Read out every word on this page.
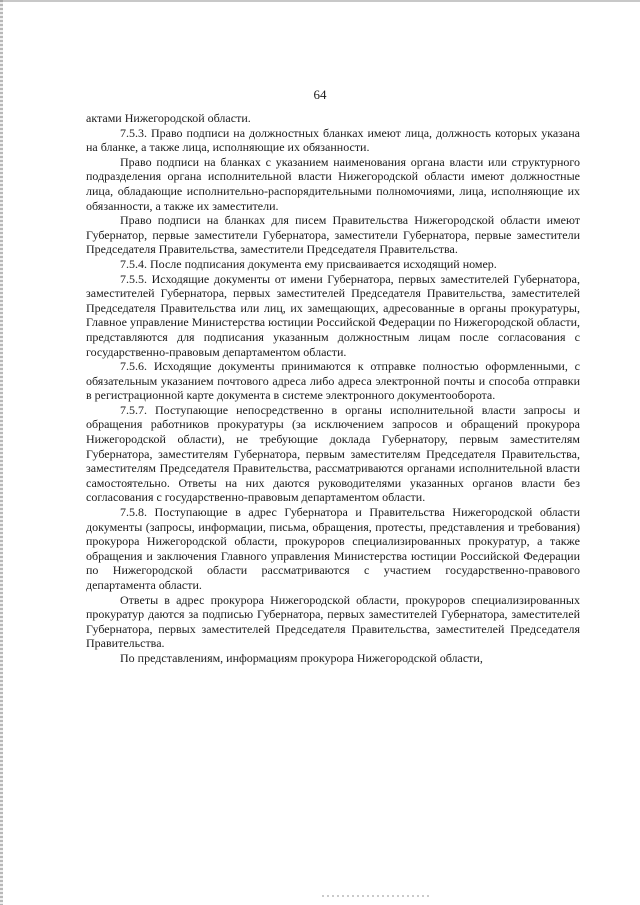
64

актами Нижегородской области.

7.5.3. Право подписи на должностных бланках имеют лица, должность которых указана на бланке, а также лица, исполняющие их обязанности.

Право подписи на бланках с указанием наименования органа власти или структурного подразделения органа исполнительной власти Нижегородской области имеют должностные лица, обладающие исполнительно-распорядительными полномочиями, лица, исполняющие их обязанности, а также их заместители.

Право подписи на бланках для писем Правительства Нижегородской области имеют Губернатор, первые заместители Губернатора, заместители Губернатора, первые заместители Председателя Правительства, заместители Председателя Правительства.

7.5.4. После подписания документа ему присваивается исходящий номер.

7.5.5. Исходящие документы от имени Губернатора, первых заместителей Губернатора, заместителей Губернатора, первых заместителей Председателя Правительства, заместителей Председателя Правительства или лиц, их замещающих, адресованные в органы прокуратуры, Главное управление Министерства юстиции Российской Федерации по Нижегородской области, представляются для подписания указанным должностным лицам после согласования с государственно-правовым департаментом области.

7.5.6. Исходящие документы принимаются к отправке полностью оформленными, с обязательным указанием почтового адреса либо адреса электронной почты и способа отправки в регистрационной карте документа в системе электронного документооборота.

7.5.7. Поступающие непосредственно в органы исполнительной власти запросы и обращения работников прокуратуры (за исключением запросов и обращений прокурора Нижегородской области), не требующие доклада Губернатору, первым заместителям Губернатора, заместителям Губернатора, первым заместителям Председателя Правительства, заместителям Председателя Правительства, рассматриваются органами исполнительной власти самостоятельно. Ответы на них даются руководителями указанных органов власти без согласования с государственно-правовым департаментом области.

7.5.8. Поступающие в адрес Губернатора и Правительства Нижегородской области документы (запросы, информации, письма, обращения, протесты, представления и требования) прокурора Нижегородской области, прокуроров специализированных прокуратур, а также обращения и заключения Главного управления Министерства юстиции Российской Федерации по Нижегородской области рассматриваются с участием государственно-правового департамента области.

Ответы в адрес прокурора Нижегородской области, прокуроров специализированных прокуратур даются за подписью Губернатора, первых заместителей Губернатора, заместителей Губернатора, первых заместителей Председателя Правительства, заместителей Председателя Правительства.

По представлениям, информациям прокурора Нижегородской области,
